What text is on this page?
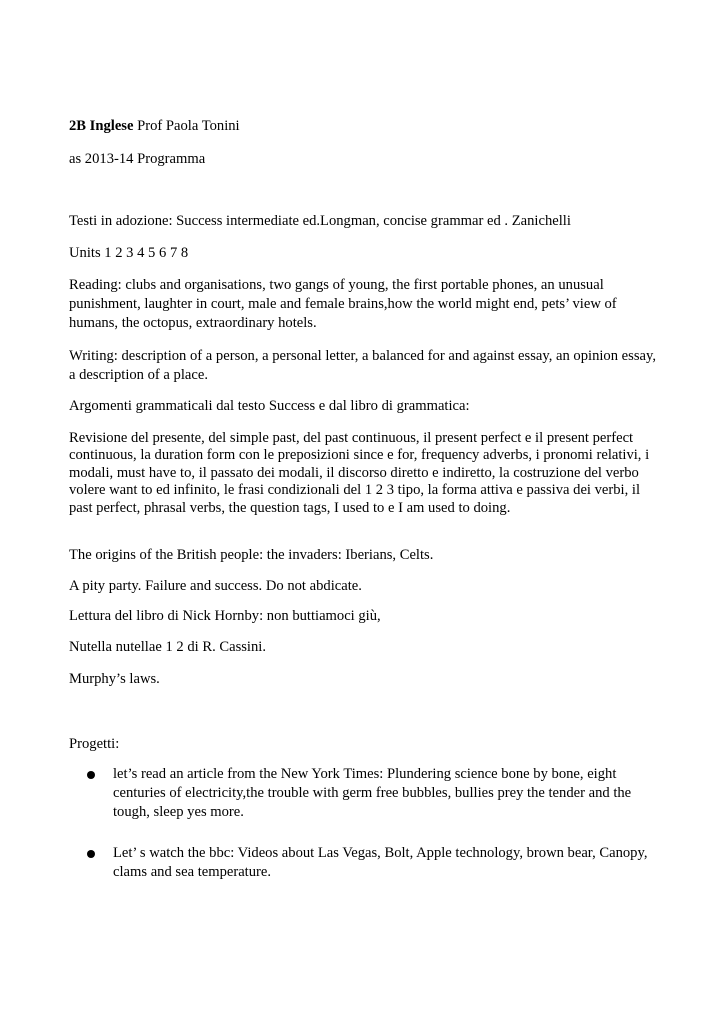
2B Inglese Prof Paola Tonini

as 2013-14 Programma

Testi in adozione: Success intermediate ed.Longman, concise grammar ed . Zanichelli

Units 1 2 3 4 5 6 7 8

Reading: clubs and organisations, two gangs of young, the first portable phones, an unusual punishment, laughter in court, male and female brains,how the world might end, pets’ view of humans, the octopus, extraordinary hotels.

Writing: description of a person, a personal letter, a balanced for and against essay, an opinion essay, a description of a place.

Argomenti grammaticali dal testo Success e dal libro di grammatica:

Revisione del presente, del simple past, del past continuous, il present perfect e il present perfect continuous, la duration form con le preposizioni since e for, frequency adverbs, i pronomi relativi, i modali, must have to, il passato dei modali, il discorso diretto e indiretto, la costruzione del verbo volere want to ed infinito, le frasi condizionali del 1 2 3 tipo, la forma attiva e passiva dei verbi, il past perfect, phrasal verbs, the question tags, I used to e I am used to doing.

The origins of the British people: the invaders: Iberians, Celts.

A pity party. Failure and success. Do not abdicate.

Lettura del libro di Nick Hornby: non buttiamoci giù,

Nutella nutellae 1 2 di R. Cassini.

Murphy’s laws.

Progetti:

let’s read an article from the New York Times: Plundering science bone by bone, eight centuries of electricity,the trouble with germ free bubbles, bullies prey the tender and the tough, sleep yes more.

Let’ s watch the bbc: Videos about Las Vegas, Bolt, Apple technology, brown bear, Canopy, clams and sea temperature.
